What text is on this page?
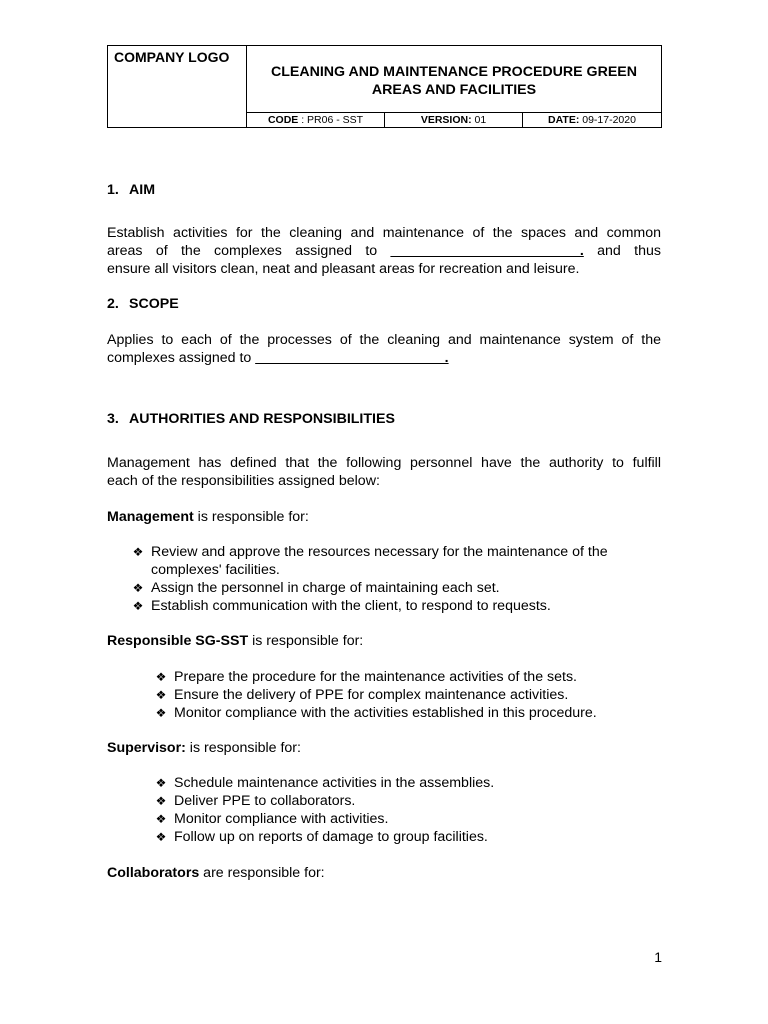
COMPANY LOGO
CLEANING AND MAINTENANCE PROCEDURE GREEN
AREAS AND FACILITIES
CODE : PR06 - SST	VERSION: 01	DATE: 09-17-2020
1. AIM
Establish activities for the cleaning and maintenance of the spaces and common
areas of the complexes assigned to ________________________. and thus
ensure all visitors clean, neat and pleasant areas for recreation and leisure.
2. SCOPE
Applies to each of the processes of the cleaning and maintenance system of the
complexes assigned to ________________________.
3. AUTHORITIES AND RESPONSIBILITIES
Management has defined that the following personnel have the authority to fulfill
each of the responsibilities assigned below:
Management is responsible for:
❖ Review and approve the resources necessary for the maintenance of the
complexes' facilities.
❖ Assign the personnel in charge of maintaining each set.
❖ Establish communication with the client, to respond to requests.
Responsible SG-SST is responsible for:
❖ Prepare the procedure for the maintenance activities of the sets.
❖ Ensure the delivery of PPE for complex maintenance activities.
❖ Monitor compliance with the activities established in this procedure.
Supervisor: is responsible for:
❖ Schedule maintenance activities in the assemblies.
❖ Deliver PPE to collaborators.
❖ Monitor compliance with activities.
❖ Follow up on reports of damage to group facilities.
Collaborators are responsible for:
1
